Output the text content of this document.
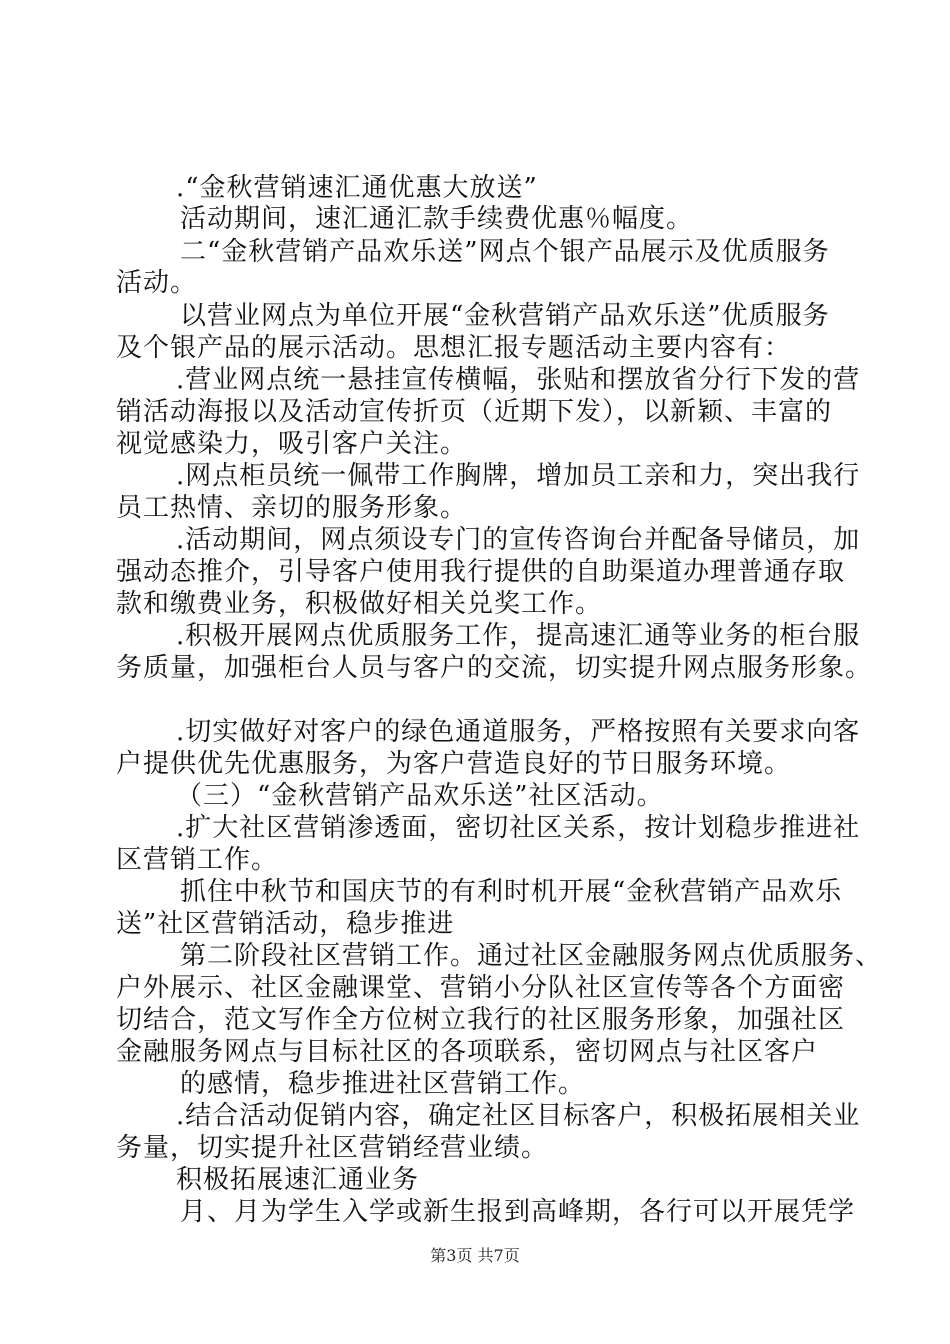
.“金秋营销速汇通优惠大放送”
活动期间，速汇通汇款手续费优惠％幅度。
二“金秋营销产品欢乐送”网点个银产品展示及优质服务
活动。
以营业网点为单位开展“金秋营销产品欢乐送”优质服务
及个银产品的展示活动。思想汇报专题活动主要内容有：
.营业网点统一悬挂宣传横幅，张贴和摆放省分行下发的营
销活动海报以及活动宣传折页（近期下发），以新颖、丰富的
视觉感染力，吸引客户关注。
.网点柜员统一佩带工作胸牌，增加员工亲和力，突出我行
员工热情、亲切的服务形象。
.活动期间，网点须设专门的宣传咨询台并配备导储员，加
强动态推介，引导客户使用我行提供的自助渠道办理普通存取
款和缴费业务，积极做好相关兑奖工作。
.积极开展网点优质服务工作，提高速汇通等业务的柜台服
务质量，加强柜台人员与客户的交流，切实提升网点服务形象。
.切实做好对客户的绿色通道服务，严格按照有关要求向客
户提供优先优惠服务，为客户营造良好的节日服务环境。
（三）“金秋营销产品欢乐送”社区活动。
.扩大社区营销渗透面，密切社区关系，按计划稳步推进社
区营销工作。
抓住中秋节和国庆节的有利时机开展“金秋营销产品欢乐
送”社区营销活动，稳步推进
第二阶段社区营销工作。通过社区金融服务网点优质服务、
户外展示、社区金融课堂、营销小分队社区宣传等各个方面密
切结合，范文写作全方位树立我行的社区服务形象，加强社区
金融服务网点与目标社区的各项联系，密切网点与社区客户
的感情，稳步推进社区营销工作。
.结合活动促销内容，确定社区目标客户，积极拓展相关业
务量，切实提升社区营销经营业绩。
积极拓展速汇通业务
月、月为学生入学或新生报到高峰期，各行可以开展凭学
第3页 共7页
